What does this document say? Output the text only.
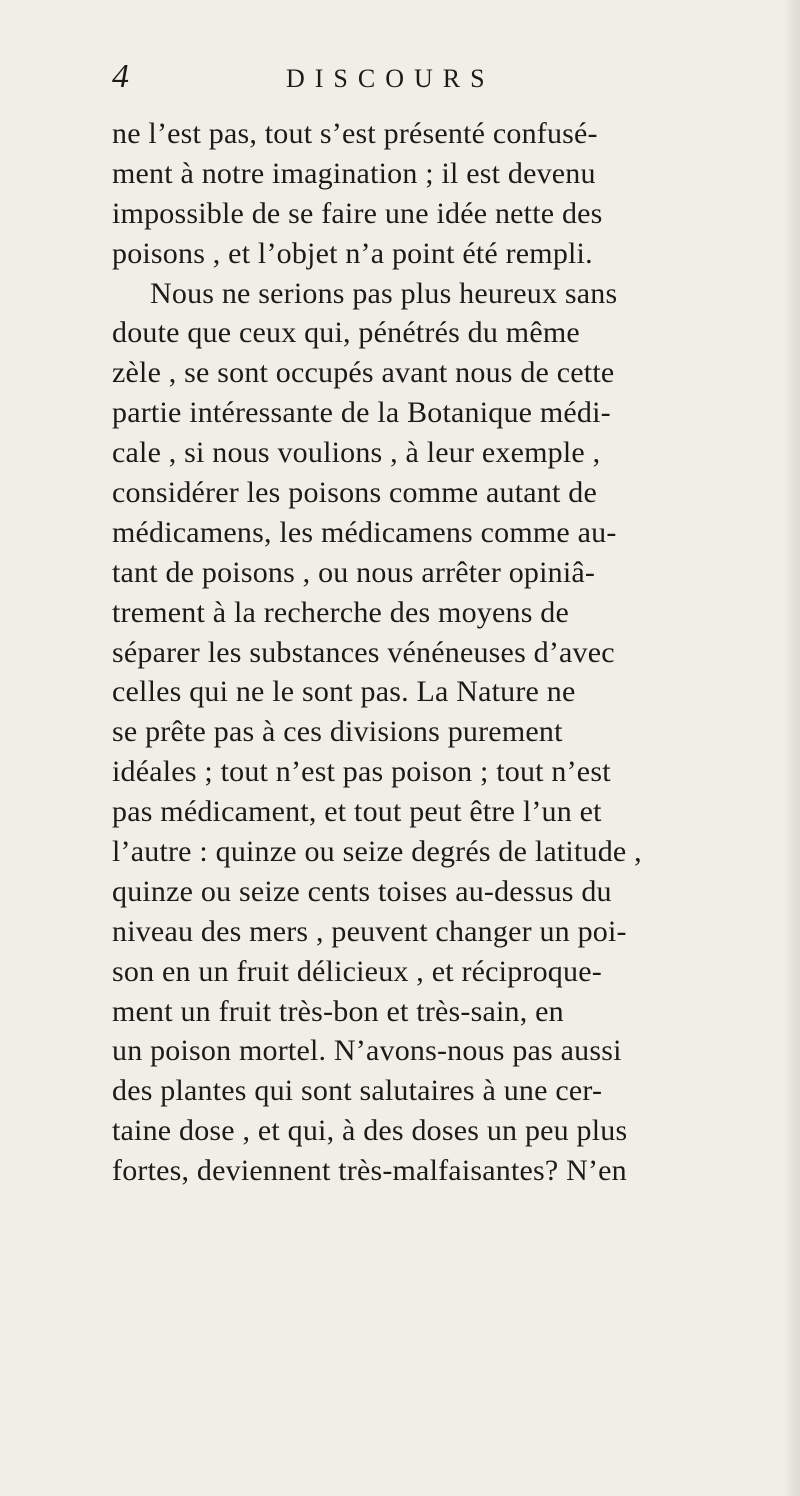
4	DISCOURS
ne l’est pas, tout s’est présenté confusé-
ment à notre imagination ; il est devenu
impossible de se faire une idée nette des
poisons , et l’objet n’a point été rempli.
Nous ne serions pas plus heureux sans
doute que ceux qui, pénétrés du même
zèle , se sont occupés avant nous de cette
partie intéressante de la Botanique médi-
cale , si nous voulions , à leur exemple ,
considérer les poisons comme autant de
médicamens, les médicamens comme au-
tant de poisons , ou nous arrêter opiniâ-
trement à la recherche des moyens de
séparer les substances vénéneuses d’avec
celles qui ne le sont pas. La Nature ne
se prête pas à ces divisions purement
idéales ; tout n’est pas poison ; tout n’est
pas médicament, et tout peut être l’un et
l’autre : quinze ou seize degrés de latitude ,
quinze ou seize cents toises au-dessus du
niveau des mers , peuvent changer un poi-
son en un fruit délicieux , et réciproque-
ment un fruit très-bon et très-sain, en
un poison mortel. N’avons-nous pas aussi
des plantes qui sont salutaires à une cer-
taine dose , et qui, à des doses un peu plus
fortes, deviennent très-malfaisantes? N’en
